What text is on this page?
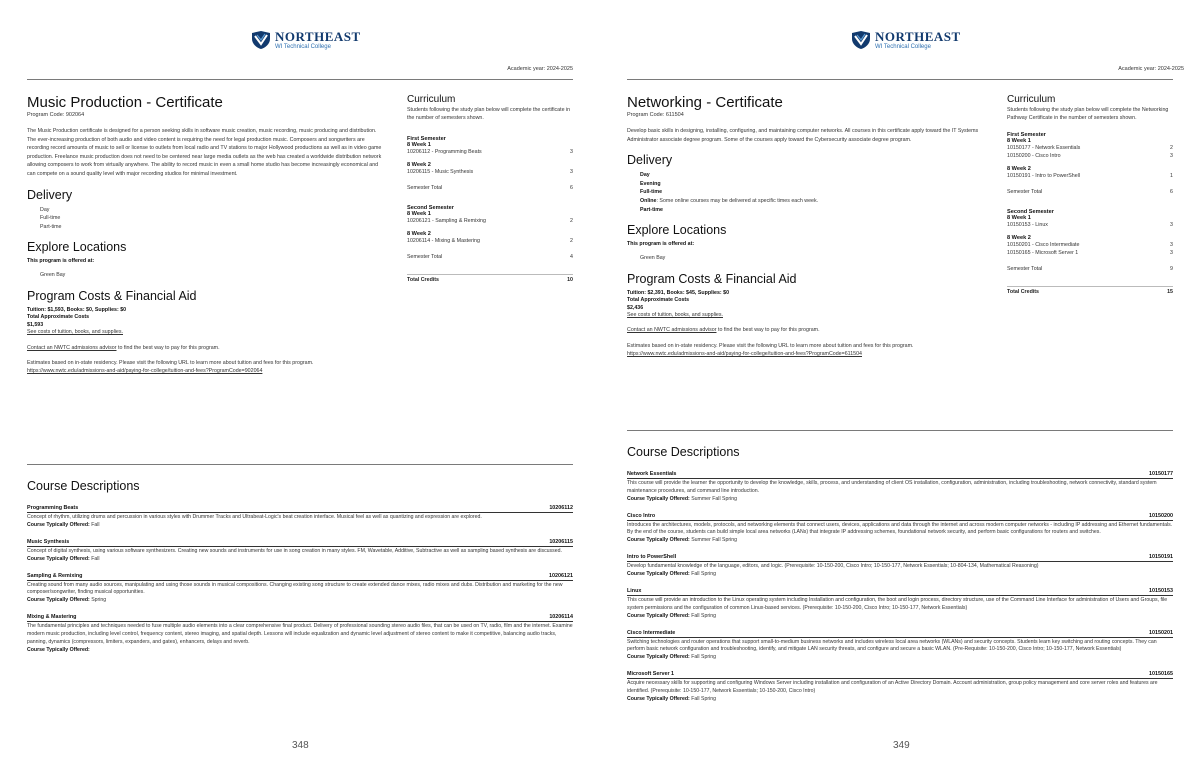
NORTHEAST
WI Technical College
Academic year: 2024-2025
Music Production - Certificate
Program Code: 902064
The Music Production certificate is designed for a person seeking skills in software music creation, music recording, music producing and distribution. The ever-increasing production of both audio and video content is requiring the need for legal production music. Composers and songwriters are recording record amounts of music to sell or license to outlets from local radio and TV stations to major Hollywood productions as well as in video game production. Freelance music production does not need to be centered near large media outlets as the web has created a worldwide distribution network allowing composers to work from virtually anywhere. The ability to record music in even a small home studio has become increasingly economical and can compete on a sound quality level with major recording studios for minimal investment.
Delivery
Day
Full-time
Part-time
Explore Locations
This program is offered at:
Green Bay
Program Costs & Financial Aid
Tuition: $1,593, Books: $0, Supplies: $0
Total Approximate Costs
$1,593
See costs of tuition, books, and supplies.
Contact an NWTC admissions advisor to find the best way to pay for this program.
Estimates based on in-state residency. Please visit the following URL to learn more about tuition and fees for this program.
https://www.nwtc.edu/admissions-and-aid/paying-for-college/tuition-and-fees?ProgramCode=902064
Curriculum
Students following the study plan below will complete the certificate in the number of semesters shown.
First Semester
8 Week 1
10206112 - Programming Beats	3
8 Week 2
10206115 - Music Synthesis	3
Semester Total	6
Second Semester
8 Week 1
10206121 - Sampling & Remixing	2
8 Week 2
10206114 - Mixing & Mastering	2
Semester Total	4
Total Credits	10
Course Descriptions
Programming Beats	10206112
Concept of rhythm, utilizing drums and percussion in various styles with Drummer Tracks and Ultrabeat-Logic's beat creation interface. Musical feel as well as quantizing and expression are explored.
Course Typically Offered: Fall
Music Synthesis	10206115
Concept of digital synthesis, using various software synthesizers. Creating new sounds and instruments for use in song creation in many styles. FM, Wavetable, Additive, Subtractive as well as sampling based synthesis are discussed.
Course Typically Offered: Fall
Sampling & Remixing	10206121
Creating sound from many audio sources, manipulating and using those sounds in musical compositions. Changing existing song structure to create extended dance mixes, radio mixes and dubs. Distribution and marketing for the new composer/songwriter, finding musical opportunities.
Course Typically Offered: Spring
Mixing & Mastering	10206114
The fundamental principles and techniques needed to fuse multiple audio elements into a clear comprehensive final product. Delivery of professional sounding stereo audio files, that can be used on TV, radio, film and the internet. Examine modern music production, including level control, frequency content, stereo imaging, and spatial depth. Lessons will include equalization and dynamic level adjustment of stereo content to make it competitive, balancing audio tracks, panning, dynamics (compressors, limiters, expanders, and gates), enhancers, delays and reverb.
Course Typically Offered:
348
NORTHEAST
WI Technical College
Academic year: 2024-2025
Networking - Certificate
Program Code: 611504
Develop basic skills in designing, installing, configuring, and maintaining computer networks. All courses in this certificate apply toward the IT Systems Administrator associate degree program. Some of the courses apply toward the Cybersecurity associate degree program.
Delivery
Day
Evening
Full-time
Online: Some online courses may be delivered at specific times each week.
Part-time
Explore Locations
This program is offered at:
Green Bay
Program Costs & Financial Aid
Tuition: $2,391, Books: $45, Supplies: $0
Total Approximate Costs
$2,436
See costs of tuition, books, and supplies.
Contact an NWTC admissions advisor to find the best way to pay for this program.
Estimates based on in-state residency. Please visit the following URL to learn more about tuition and fees for this program.
https://www.nwtc.edu/admissions-and-aid/paying-for-college/tuition-and-fees?ProgramCode=611504
Curriculum
Students following the study plan below will complete the Networking Pathway Certificate in the number of semesters shown.
First Semester
8 Week 1
10150177 - Network Essentials	2
10150200 - Cisco Intro	3
8 Week 2
10150191 - Intro to PowerShell	1
Semester Total	6
Second Semester
8 Week 1
10150153 - Linux	3
8 Week 2
10150201 - Cisco Intermediate	3
10150165 - Microsoft Server 1	3
Semester Total	9
Total Credits	15
Course Descriptions
Network Essentials	10150177
This course will provide the learner the opportunity to develop the knowledge, skills, process, and understanding of client OS installation, configuration, administration, including troubleshooting, network connectivity, standard system maintenance procedures, and command line introduction.
Course Typically Offered: Summer Fall Spring
Cisco Intro	10150200
Introduces the architectures, models, protocols, and networking elements that connect users, devices, applications and data through the internet and across modern computer networks - including IP addressing and Ethernet fundamentals. By the end of the course, students can build simple local area networks (LANs) that integrate IP addressing schemes, foundational network security, and perform basic configurations for routers and switches.
Course Typically Offered: Summer Fall Spring
Intro to PowerShell	10150191
Develop fundamental knowledge of the language, editors, and logic. (Prerequisite: 10-150-200, Cisco Intro; 10-150-177, Network Essentials; 10-804-134, Mathematical Reasoning)
Course Typically Offered: Fall Spring
Linux	10150153
This course will provide an introduction to the Linux operating system including Installation and configuration, the boot and login process, directory structure, use of the Command Line Interface for administration of Users and Groups, file system permissions and the configuration of common Linux-based services. (Prerequisite: 10-150-200, Cisco Intro; 10-150-177, Network Essentials)
Course Typically Offered: Fall Spring
Cisco Intermediate	10150201
Switching technologies and router operations that support small-to-medium business networks and includes wireless local area networks (WLANs) and security concepts. Students learn key switching and routing concepts. They can perform basic network configuration and troubleshooting, identify, and mitigate LAN security threats, and configure and secure a basic WLAN. (Pre-Requisite: 10-150-200, Cisco Intro; 10-150-177, Network Essentials)
Course Typically Offered: Fall Spring
Microsoft Server 1	10150165
Acquire necessary skills for supporting and configuring Windows Server including installation and configuration of an Active Directory Domain. Account administration, group policy management and core server roles and features are identified. (Prerequisite: 10-150-177, Network Essentials; 10-150-200, Cisco Intro)
Course Typically Offered: Fall Spring
349
